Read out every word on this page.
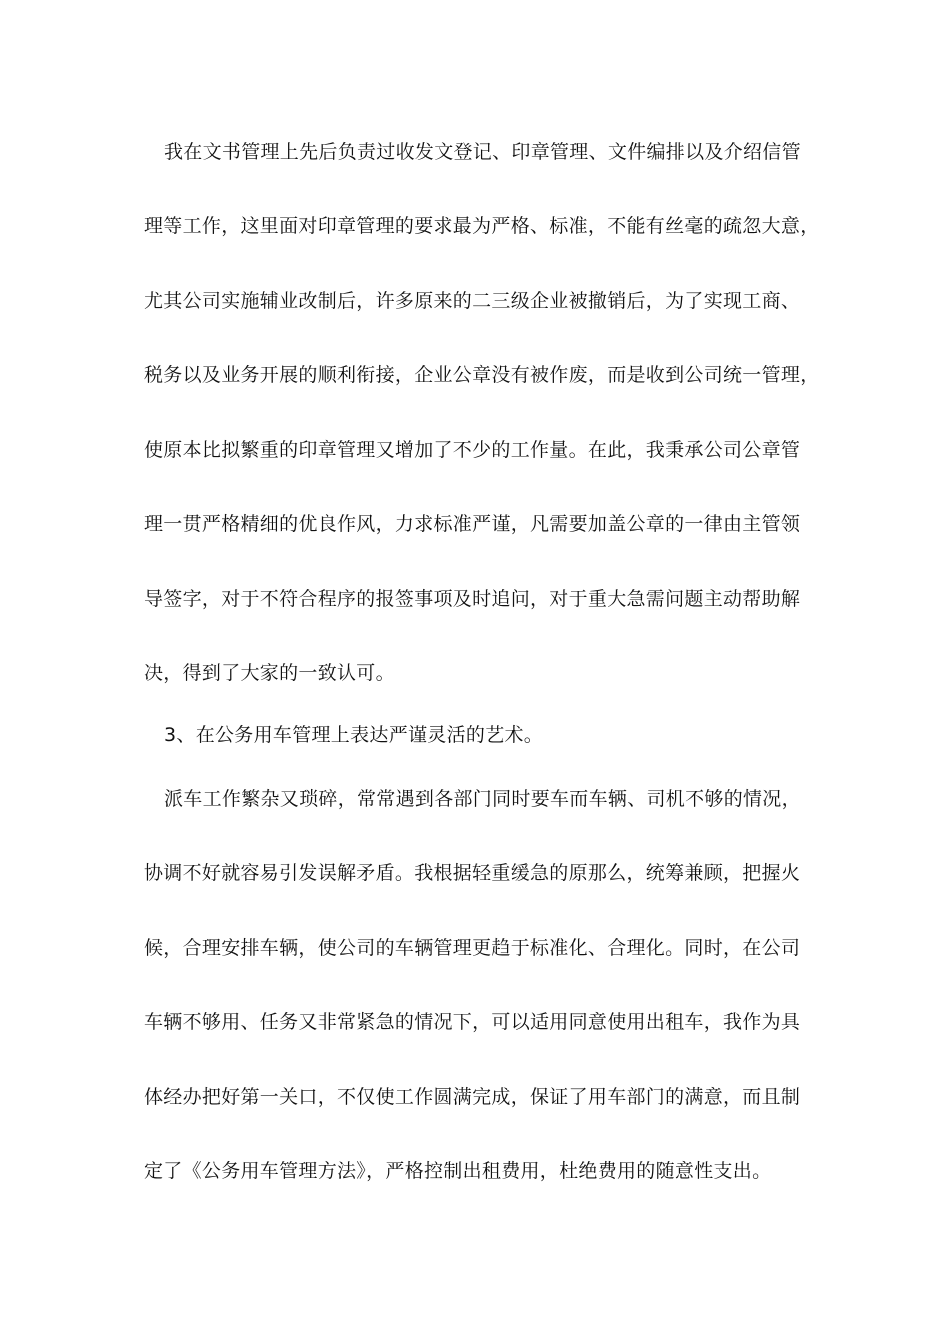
我在文书管理上先后负责过收发文登记、印章管理、文件编排以及介绍信管
理等工作，这里面对印章管理的要求最为严格、标准，不能有丝毫的疏忽大意，
尤其公司实施辅业改制后，许多原来的二三级企业被撤销后，为了实现工商、
税务以及业务开展的顺利衔接，企业公章没有被作废，而是收到公司统一管理，
使原本比拟繁重的印章管理又增加了不少的工作量。在此，我秉承公司公章管
理一贯严格精细的优良作风，力求标准严谨，凡需要加盖公章的一律由主管领
导签字，对于不符合程序的报签事项及时追问，对于重大急需问题主动帮助解
决，得到了大家的一致认可。
3、在公务用车管理上表达严谨灵活的艺术。
派车工作繁杂又琐碎，常常遇到各部门同时要车而车辆、司机不够的情况，
协调不好就容易引发误解矛盾。我根据轻重缓急的原那么，统筹兼顾，把握火
候，合理安排车辆，使公司的车辆管理更趋于标准化、合理化。同时，在公司
车辆不够用、任务又非常紧急的情况下，可以适用同意使用出租车，我作为具
体经办把好第一关口，不仅使工作圆满完成，保证了用车部门的满意，而且制
定了《公务用车管理方法》，严格控制出租费用，杜绝费用的随意性支出。
